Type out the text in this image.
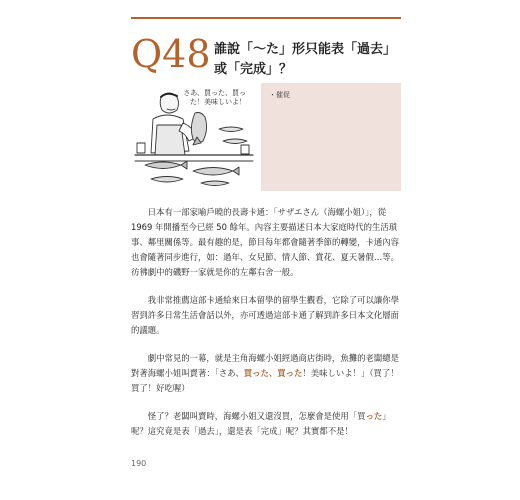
Q48 誰說「～た」形只能表「過去」或「完成」？
さあ、買った、買った！美味しいよ！
・催促

日本有一部家喻戶曉的長壽卡通：「サザエさん（海螺小姐）」，從 1969 年開播至今已經 50 餘年。內容主要描述日本大家庭時代的生活瑣事、鄰里關係等。最有趣的是，節目每年都會隨著季節的轉變，卡通內容也會隨著同步進行，如：過年、女兒節、情人節、賞花、夏天暑假…等。彷彿劇中的磯野一家就是你的左鄰右舍一般。

我非常推薦這部卡通給來日本留學的留學生觀看，它除了可以讓你學習到許多日常生活會話以外，亦可透過這部卡通了解到許多日本文化層面的議題。

劇中常見的一幕，就是主角海螺小姐經過商店街時，魚攤的老闆總是對著海螺小姐叫賣著：「さあ、買った、買った！美味しいよ！」（買了！買了！好吃喔）

怪了？老闆叫賣時，海螺小姐又還沒買，怎麼會是使用「買った」呢？這究竟是表「過去」，還是表「完成」呢？其實都不是！

190
